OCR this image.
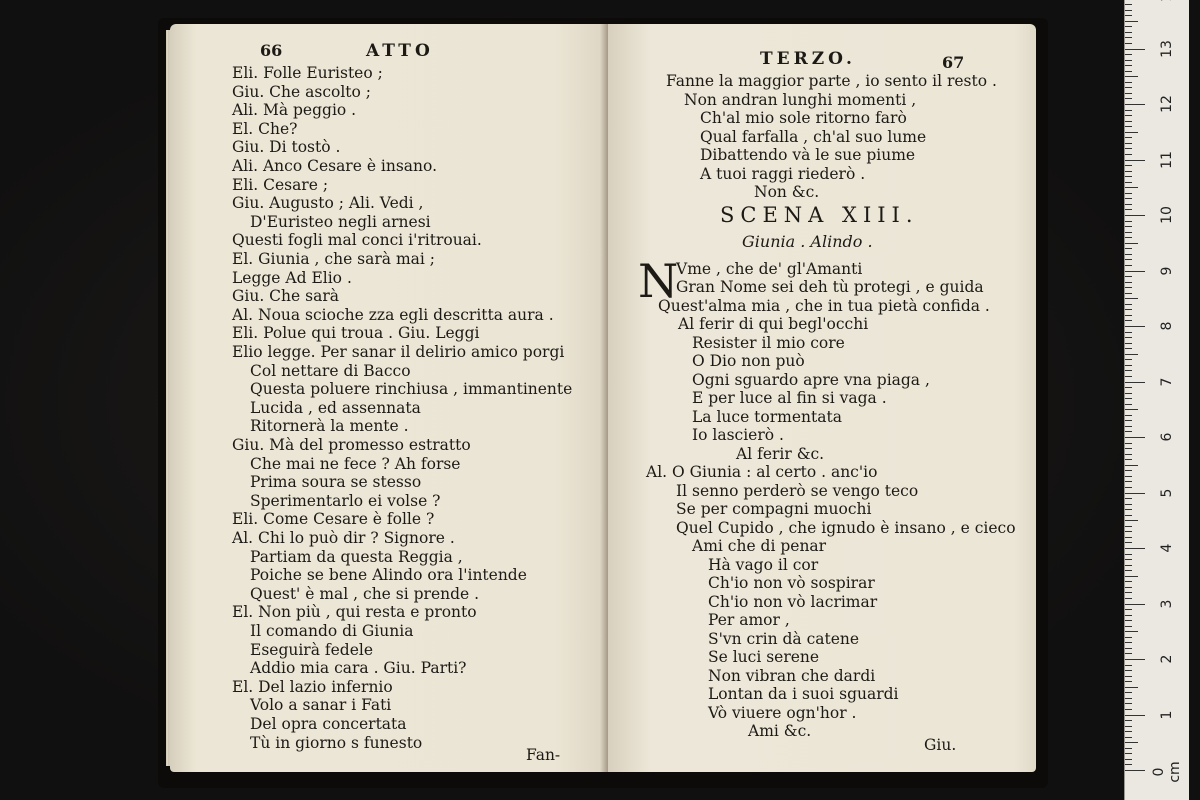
66	ATTO
Eli. Folle Euristeo ;
Giu. Che ascolto ;
Ali. Mà peggio .
El. Che?
Giu. Di tostò .
Ali. Anco Cesare è insano.
Eli. Cesare ;
Giu. Augusto ; Ali. Vedi ,
D'Euristeo negli arnesi
Questi fogli mal conci i'ritrouai.
El. Giunia , che sarà mai ;
Legge Ad Elio .
Giu. Che sarà
Al. Noua scioche zza egli descritta aura .
Eli. Polue qui troua . Giu. Leggi
Elio legge. Per sanar il delirio amico porgi
Col nettare di Bacco
Questa poluere rinchiusa , immantinente
Lucida , ed assennata
Ritornerà la mente .
Giu. Mà del promesso estratto
Che mai ne fece ? Ah forse
Prima soura se stesso
Sperimentarlo ei volse ?
Eli. Come Cesare è folle ?
Al. Chi lo può dir ? Signore .
Partiam da questa Reggia ,
Poiche se bene Alindo ora l'intende
Quest' è mal , che si prende .
El. Non più , qui resta e pronto
Il comando di Giunia
Eseguirà fedele
Addio mia cara . Giu. Parti?
El. Del lazio infernio
Volo a sanar i Fati
Del opra concertata
Tù in giorno s funesto
Fan-
TERZO.	67
Fanne la maggior parte , io sento il resto .
Non andran lunghi momenti ,
Ch'al mio sole ritorno farò
Qual farfalla , ch'al suo lume
Dibattendo và le sue piume
A tuoi raggi riederò .
Non &c.
SCENA XIII.
Giunia . Alindo .
N
Vme , che de' gl'Amanti
Gran Nome sei deh tù protegi , e guida
Quest'alma mia , che in tua pietà confida .
Al ferir di qui begl'occhi
Resister il mio core
O Dio non può
Ogni sguardo apre vna piaga ,
E per luce al fin si vaga .
La luce tormentata
Io lascierò .
Al ferir &c.
Al. O Giunia : al certo . anc'io
Il senno perderò se vengo teco
Se per compagni muochi
Quel Cupido , che ignudo è insano , e cieco
Ami che di penar
Hà vago il cor
Ch'io non vò sospirar
Ch'io non vò lacrimar
Per amor ,
S'vn crin dà catene
Se luci serene
Non vibran che dardi
Lontan da i suoi sguardi
Vò viuere ogn'hor .
Ami &c.
Giu.
0 cm
1
2
3
4
5
6
7
8
9
10
11
12
13
